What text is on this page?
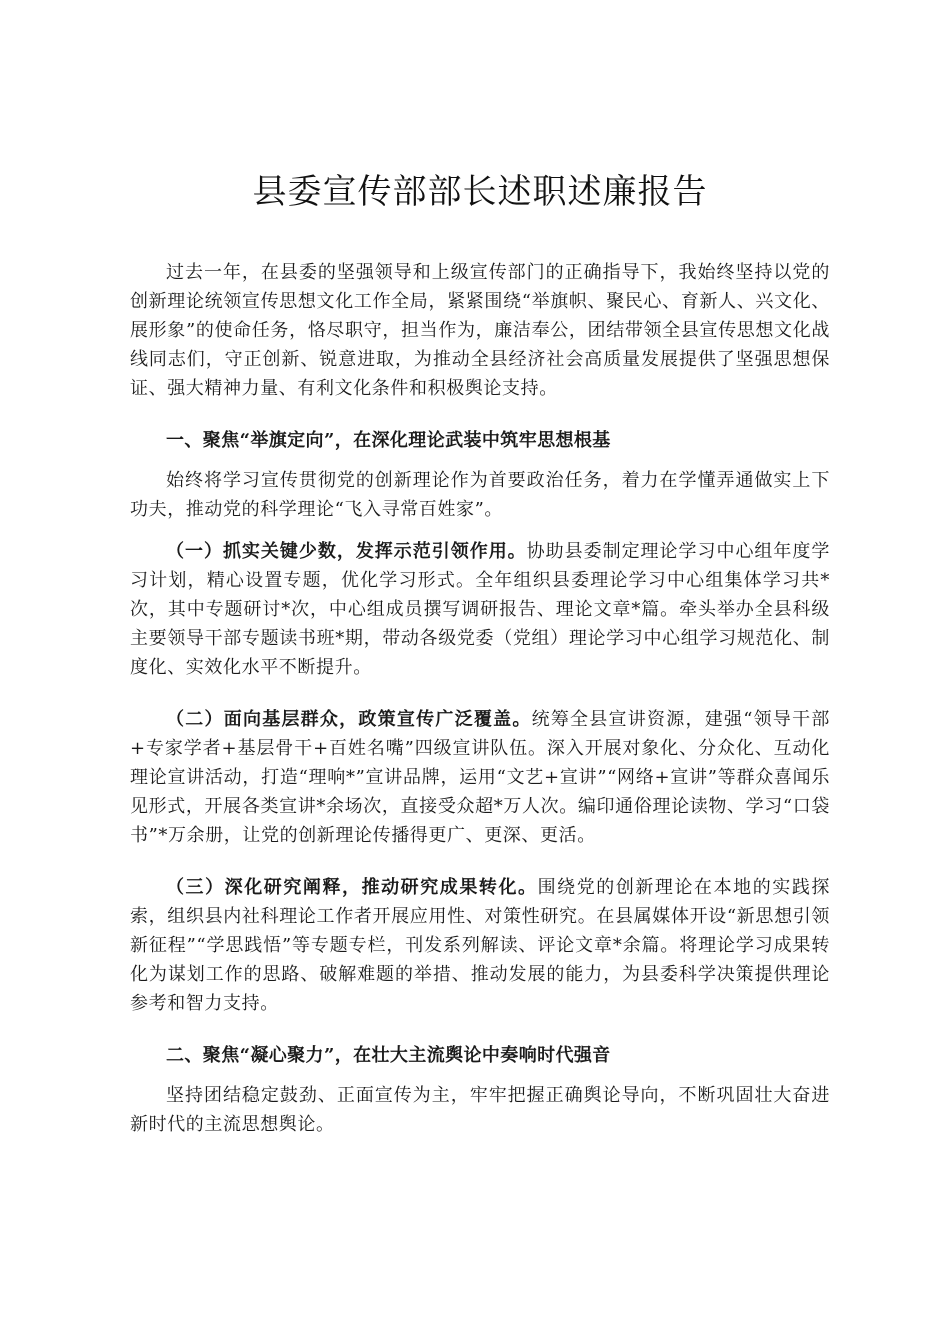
县委宣传部部长述职述廉报告

过去一年，在县委的坚强领导和上级宣传部门的正确指导下，我始终坚持以党的创新理论统领宣传思想文化工作全局，紧紧围绕“举旗帜、聚民心、育新人、兴文化、展形象”的使命任务，恪尽职守，担当作为，廉洁奉公，团结带领全县宣传思想文化战线同志们，守正创新、锐意进取，为推动全县经济社会高质量发展提供了坚强思想保证、强大精神力量、有利文化条件和积极舆论支持。

一、聚焦“举旗定向”，在深化理论武装中筑牢思想根基

始终将学习宣传贯彻党的创新理论作为首要政治任务，着力在学懂弄通做实上下功夫，推动党的科学理论“飞入寻常百姓家”。

（一）抓实关键少数，发挥示范引领作用。协助县委制定理论学习中心组年度学习计划，精心设置专题，优化学习形式。全年组织县委理论学习中心组集体学习共*次，其中专题研讨*次，中心组成员撰写调研报告、理论文章*篇。牵头举办全县科级主要领导干部专题读书班*期，带动各级党委（党组）理论学习中心组学习规范化、制度化、实效化水平不断提升。

（二）面向基层群众，政策宣传广泛覆盖。统筹全县宣讲资源，建强“领导干部+专家学者+基层骨干+百姓名嘴”四级宣讲队伍。深入开展对象化、分众化、互动化理论宣讲活动，打造“理响*”宣讲品牌，运用“文艺+宣讲”“网络+宣讲”等群众喜闻乐见形式，开展各类宣讲*余场次，直接受众超*万人次。编印通俗理论读物、学习“口袋书”*万余册，让党的创新理论传播得更广、更深、更活。

（三）深化研究阐释，推动研究成果转化。围绕党的创新理论在本地的实践探索，组织县内社科理论工作者开展应用性、对策性研究。在县属媒体开设“新思想引领新征程”“学思践悟”等专题专栏，刊发系列解读、评论文章*余篇。将理论学习成果转化为谋划工作的思路、破解难题的举措、推动发展的能力，为县委科学决策提供理论参考和智力支持。

二、聚焦“凝心聚力”，在壮大主流舆论中奏响时代强音

坚持团结稳定鼓劲、正面宣传为主，牢牢把握正确舆论导向，不断巩固壮大奋进新时代的主流思想舆论。
